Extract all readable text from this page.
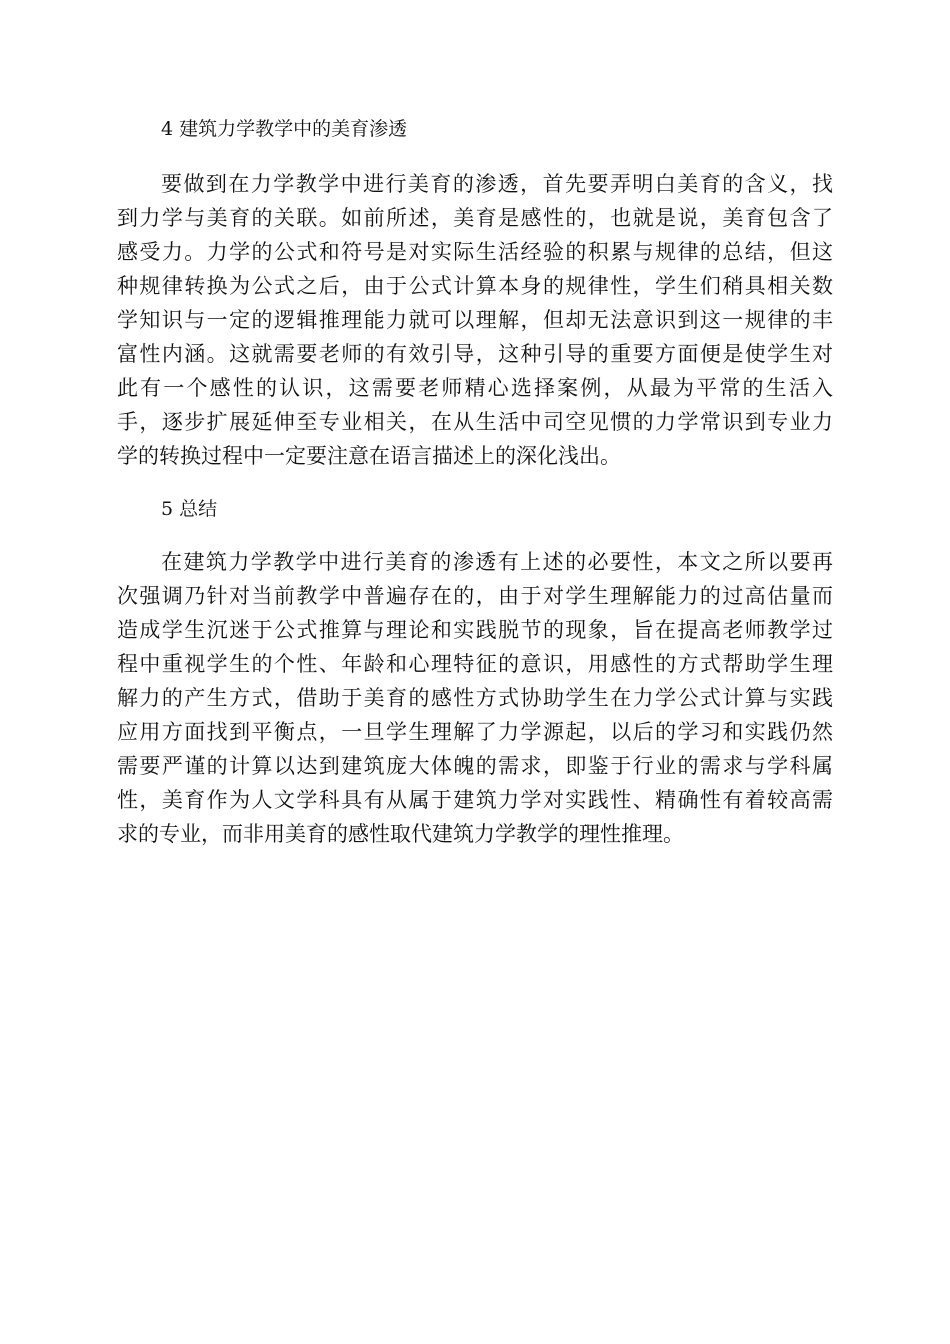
4 建筑力学教学中的美育渗透
要做到在力学教学中进行美育的渗透，首先要弄明白美育的含义，找
到力学与美育的关联。如前所述，美育是感性的，也就是说，美育包含了
感受力。力学的公式和符号是对实际生活经验的积累与规律的总结，但这
种规律转换为公式之后，由于公式计算本身的规律性，学生们稍具相关数
学知识与一定的逻辑推理能力就可以理解，但却无法意识到这一规律的丰
富性内涵。这就需要老师的有效引导，这种引导的重要方面便是使学生对
此有一个感性的认识，这需要老师精心选择案例，从最为平常的生活入
手，逐步扩展延伸至专业相关，在从生活中司空见惯的力学常识到专业力
学的转换过程中一定要注意在语言描述上的深化浅出。
5 总结
在建筑力学教学中进行美育的渗透有上述的必要性，本文之所以要再
次强调乃针对当前教学中普遍存在的，由于对学生理解能力的过高估量而
造成学生沉迷于公式推算与理论和实践脱节的现象，旨在提高老师教学过
程中重视学生的个性、年龄和心理特征的意识，用感性的方式帮助学生理
解力的产生方式，借助于美育的感性方式协助学生在力学公式计算与实践
应用方面找到平衡点，一旦学生理解了力学源起，以后的学习和实践仍然
需要严谨的计算以达到建筑庞大体魄的需求，即鉴于行业的需求与学科属
性，美育作为人文学科具有从属于建筑力学对实践性、精确性有着较高需
求的专业，而非用美育的感性取代建筑力学教学的理性推理。
